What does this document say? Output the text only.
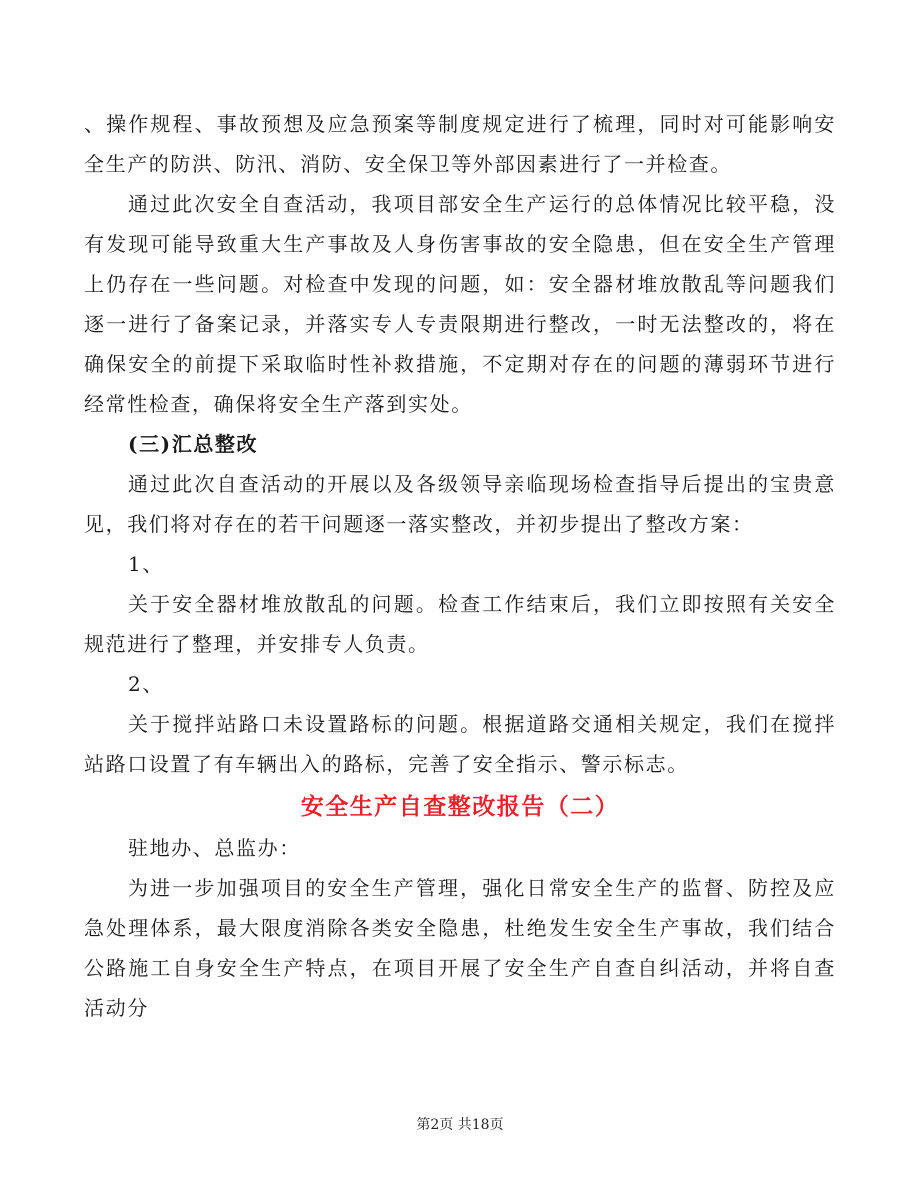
、操作规程、事故预想及应急预案等制度规定进行了梳理，同时对可能影响安全生产的防洪、防汛、消防、安全保卫等外部因素进行了一并检查。

通过此次安全自查活动，我项目部安全生产运行的总体情况比较平稳，没有发现可能导致重大生产事故及人身伤害事故的安全隐患，但在安全生产管理上仍存在一些问题。对检查中发现的问题，如：安全器材堆放散乱等问题我们逐一进行了备案记录，并落实专人专责限期进行整改，一时无法整改的，将在确保安全的前提下采取临时性补救措施，不定期对存在的问题的薄弱环节进行经常性检查，确保将安全生产落到实处。

(三)汇总整改

通过此次自查活动的开展以及各级领导亲临现场检查指导后提出的宝贵意见，我们将对存在的若干问题逐一落实整改，并初步提出了整改方案：

1、

关于安全器材堆放散乱的问题。检查工作结束后，我们立即按照有关安全规范进行了整理，并安排专人负责。

2、

关于搅拌站路口未设置路标的问题。根据道路交通相关规定，我们在搅拌站路口设置了有车辆出入的路标，完善了安全指示、警示标志。

安全生产自查整改报告（二）

驻地办、总监办：

为进一步加强项目的安全生产管理，强化日常安全生产的监督、防控及应急处理体系，最大限度消除各类安全隐患，杜绝发生安全生产事故，我们结合公路施工自身安全生产特点，在项目开展了安全生产自查自纠活动，并将自查活动分

第2页 共18页
